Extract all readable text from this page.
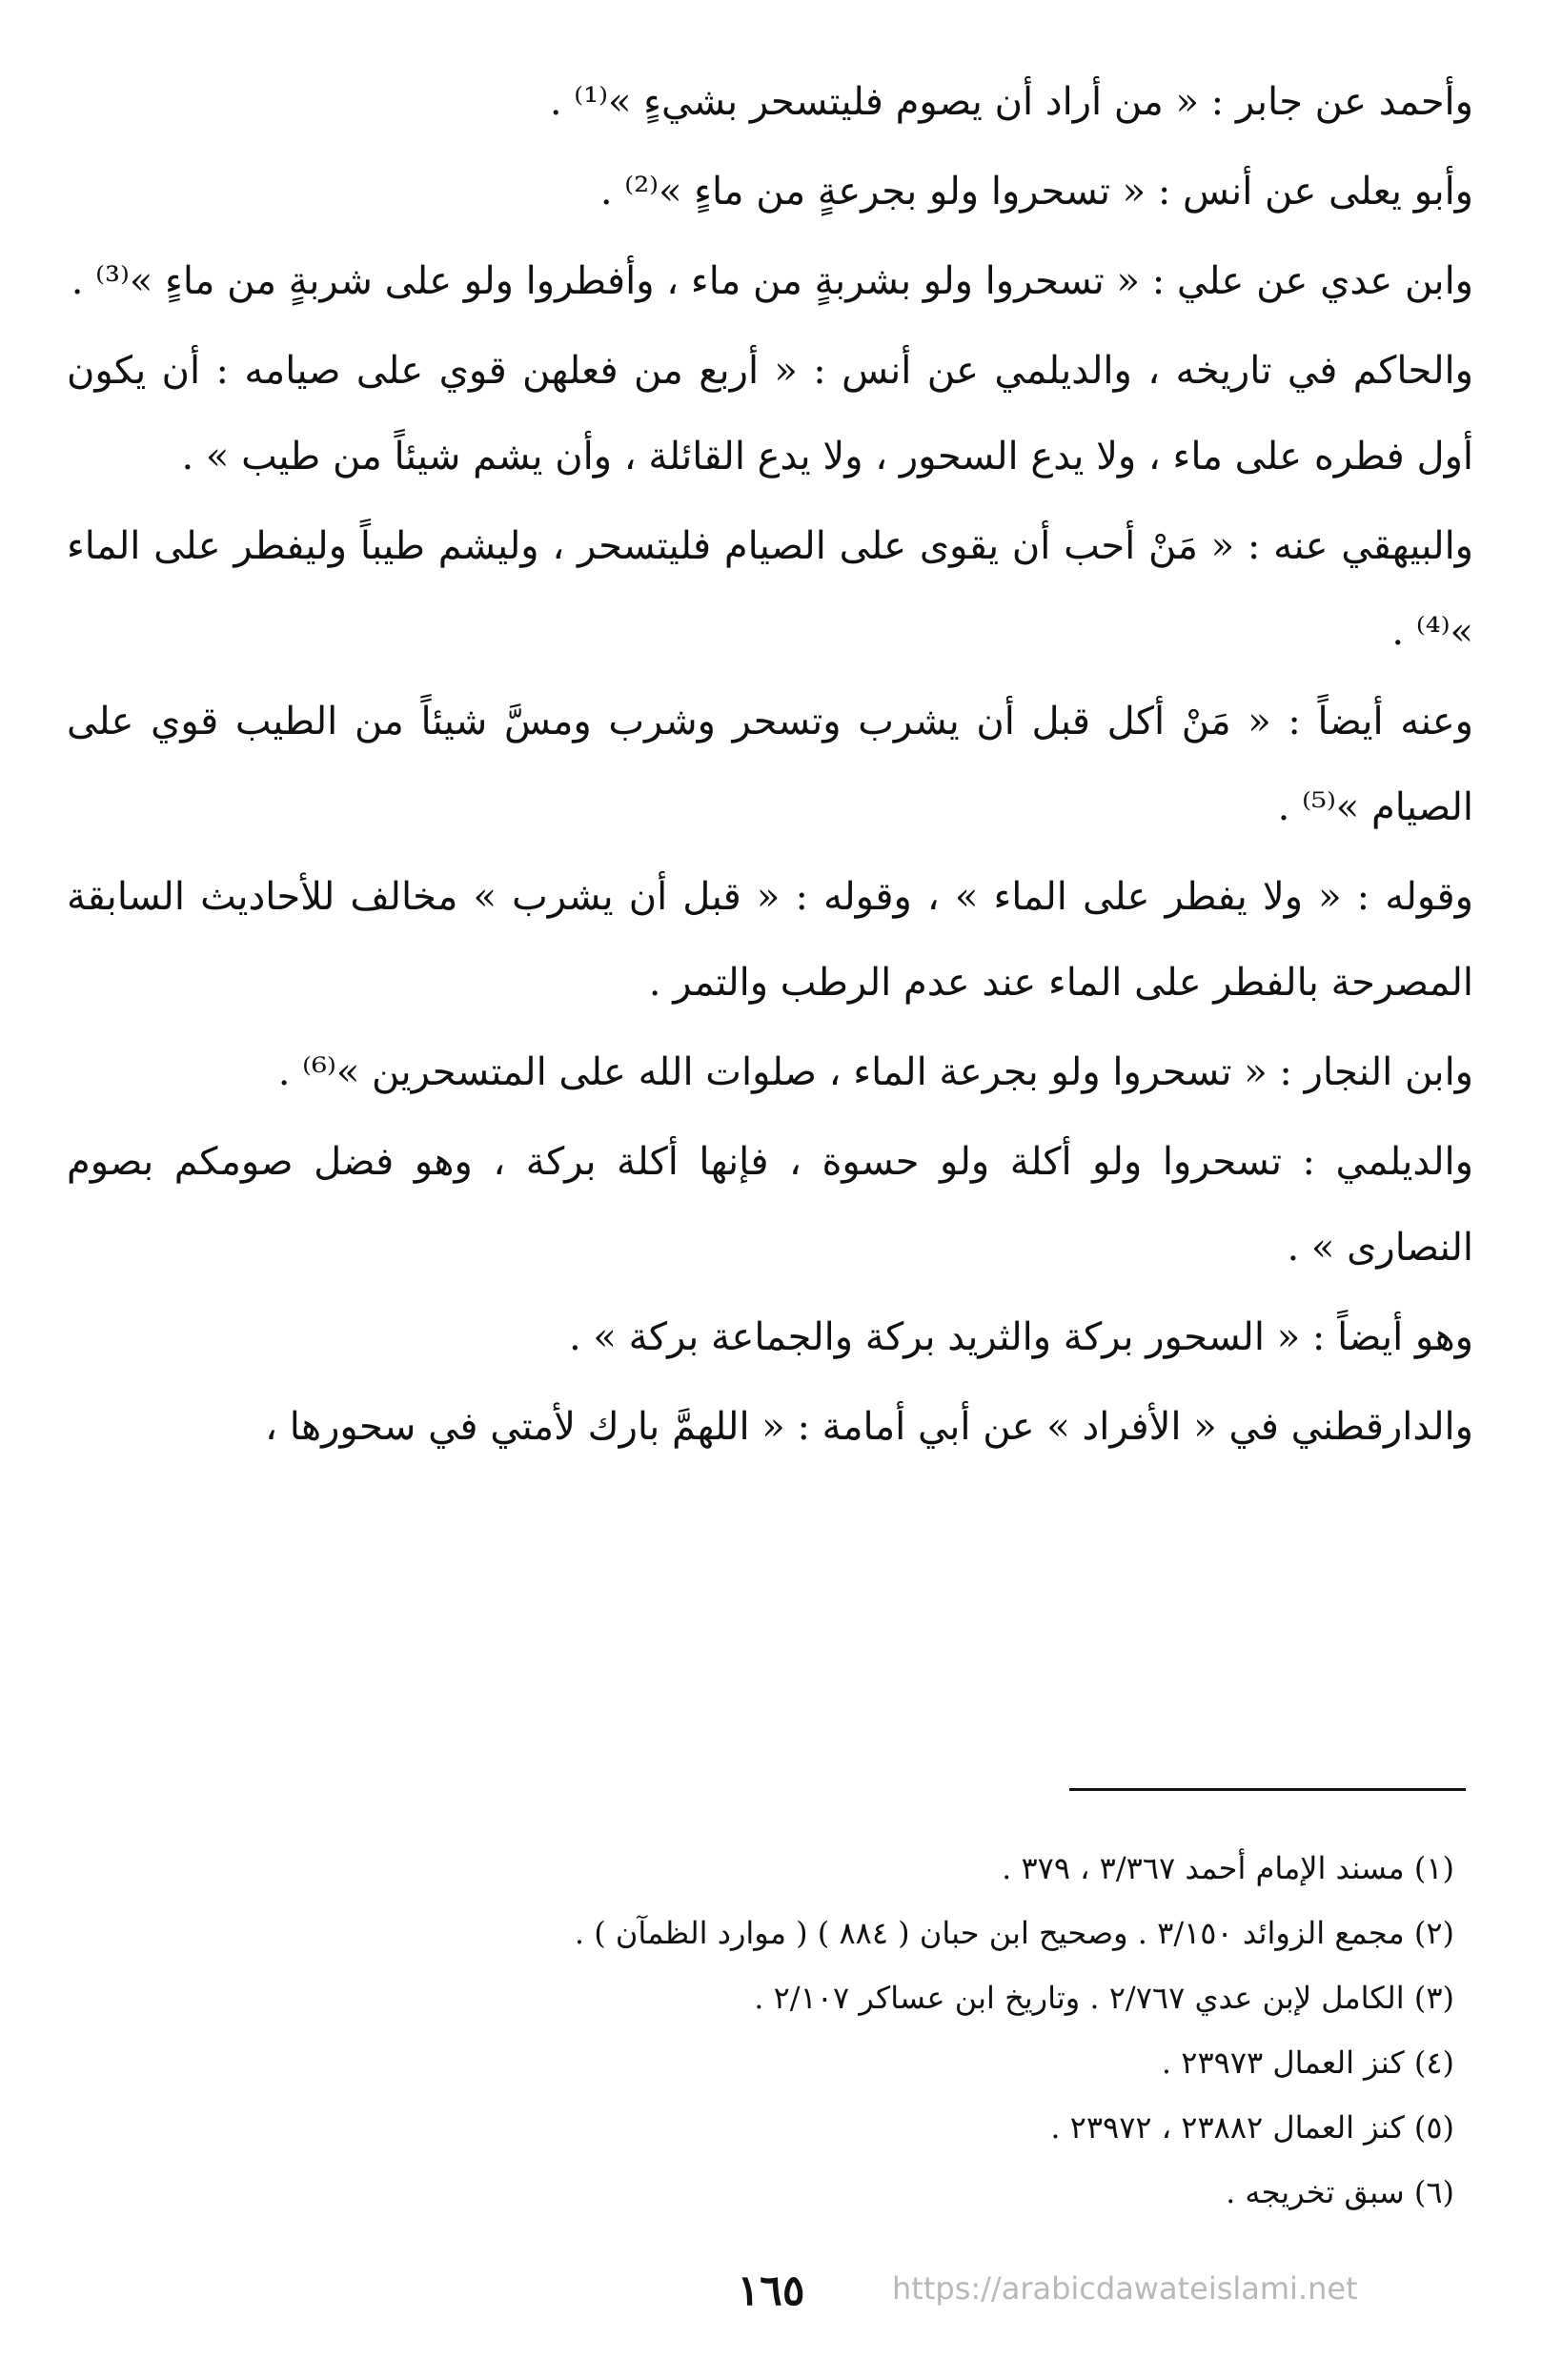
وأحمد عن جابر : « من أراد أن يصوم فليتسحر بشيءٍ »⁽¹⁾ .

وأبو يعلى عن أنس : « تسحروا ولو بجرعةٍ من ماءٍ »⁽²⁾ .

وابن عدي عن علي : « تسحروا ولو بشربةٍ من ماء ، وأفطروا ولو على شربةٍ من ماءٍ »⁽³⁾ .

والحاكم في تاريخه ، والديلمي عن أنس : « أربع من فعلهن قوي على صيامه : أن يكون أول فطره على ماء ، ولا يدع السحور ، ولا يدع القائلة ، وأن يشم شيئاً من طيب » .

والبيهقي عنه : « مَنْ أحب أن يقوى على الصيام فليتسحر ، وليشم طيباً وليفطر على الماء »⁽⁴⁾ .

وعنه أيضاً : « مَنْ أكل قبل أن يشرب وتسحر وشرب ومسَّ شيئاً من الطيب قوي على الصيام »⁽⁵⁾ .

وقوله : « ولا يفطر على الماء » ، وقوله : « قبل أن يشرب » مخالف للأحاديث السابقة المصرحة بالفطر على الماء عند عدم الرطب والتمر .

وابن النجار : « تسحروا ولو بجرعة الماء ، صلوات الله على المتسحرين »⁽⁶⁾ .

والديلمي : تسحروا ولو أكلة ولو حسوة ، فإنها أكلة بركة ، وهو فضل صومكم بصوم النصارى » .

وهو أيضاً : « السحور بركة والثريد بركة والجماعة بركة » .

والدارقطني في « الأفراد » عن أبي أمامة : « اللهمَّ بارك لأمتي في سحورها ،

(١) مسند الإمام أحمد ٣/٣٦٧ ، ٣٧٩ .

(٢) مجمع الزوائد ٣/١٥٠ . وصحيح ابن حبان ( ٨٨٤ ) ( موارد الظمآن ) .

(٣) الكامل لإبن عدي ٢/٧٦٧ . وتاريخ ابن عساكر ٢/١٠٧ .

(٤) كنز العمال ٢٣٩٧٣ .

(٥) كنز العمال ٢٣٨٨٢ ، ٢٣٩٧٢ .

(٦) سبق تخريجه .

١٦٥	https://arabicdawateislami.net
